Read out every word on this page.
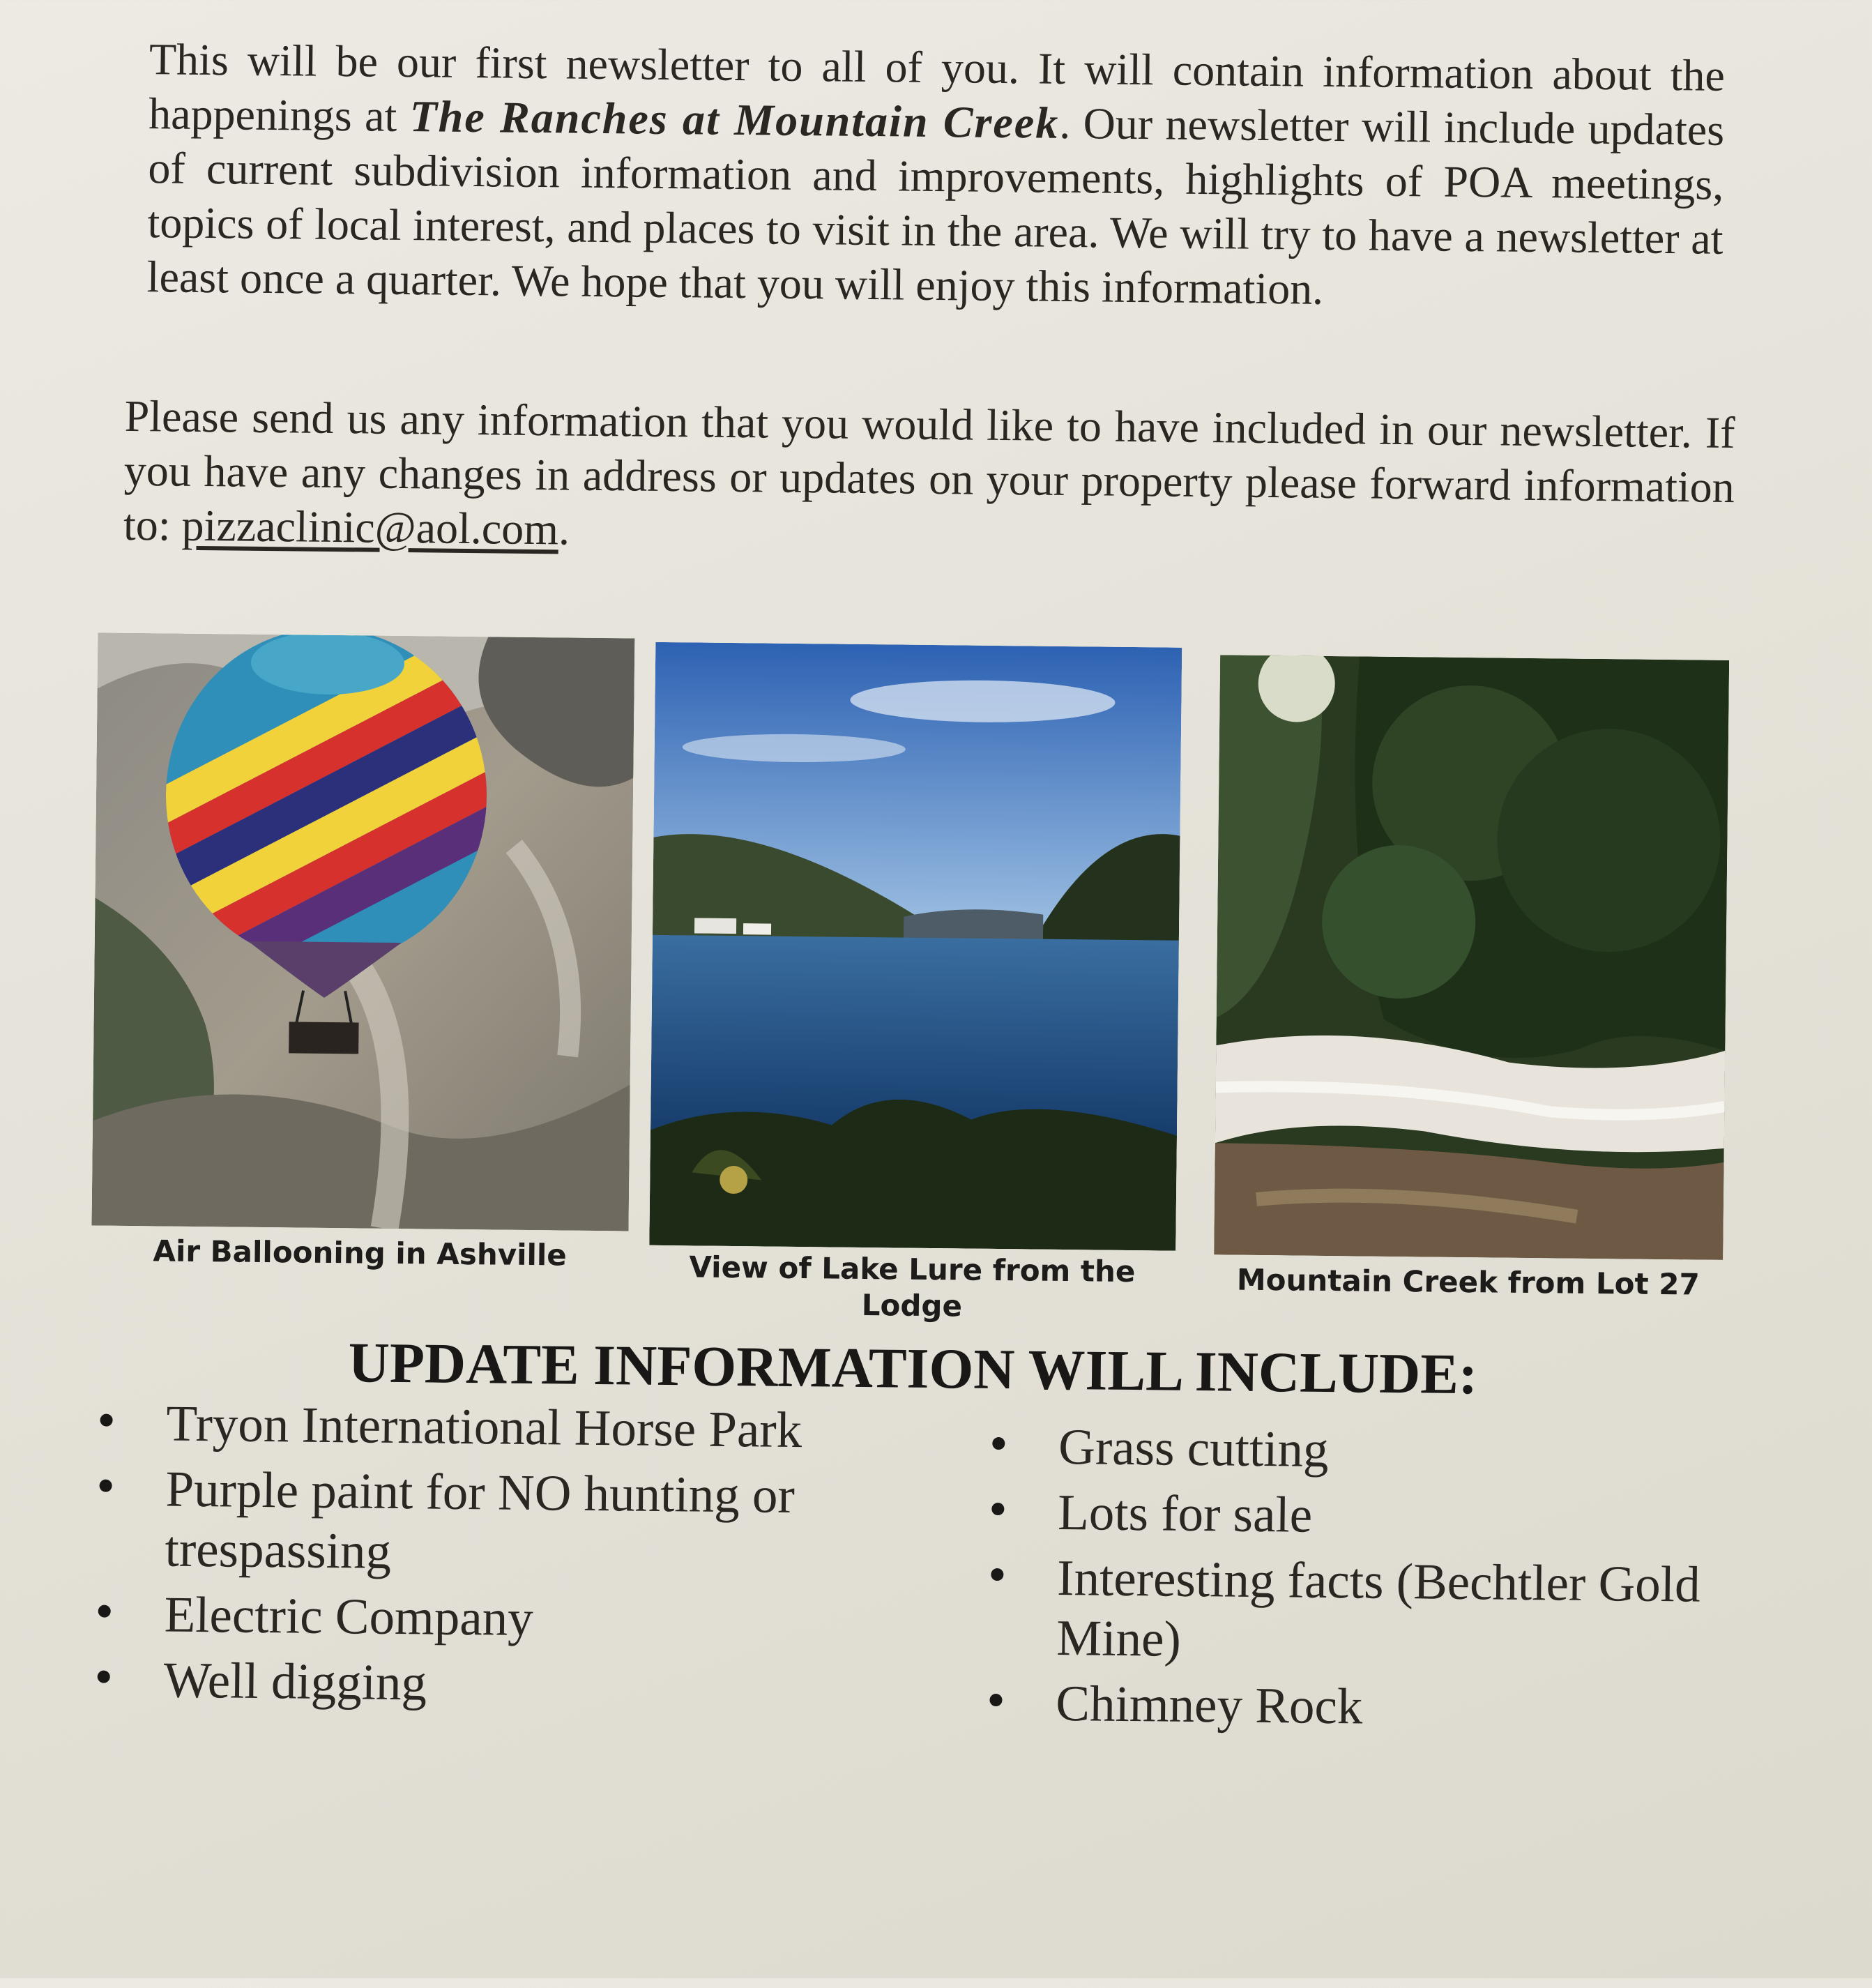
This will be our first newsletter to all of you. It will contain information about the happenings at The Ranches at Mountain Creek. Our newsletter will include updates of current subdivision information and improvements, highlights of POA meetings, topics of local interest, and places to visit in the area. We will try to have a newsletter at least once a quarter. We hope that you will enjoy this information.

Please send us any information that you would like to have included in our newsletter. If you have any changes in address or updates on your property please forward information to: pizzaclinic@aol.com.

Air Ballooning in Ashville	View of Lake Lure from the Lodge

Mountain Creek from Lot 27

UPDATE INFORMATION WILL INCLUDE:
Tryon International Horse Park
Purple paint for NO hunting or trespassing
Electric Company
Well digging
Grass cutting
Lots for sale
Interesting facts (Bechtler Gold Mine)
Chimney Rock
